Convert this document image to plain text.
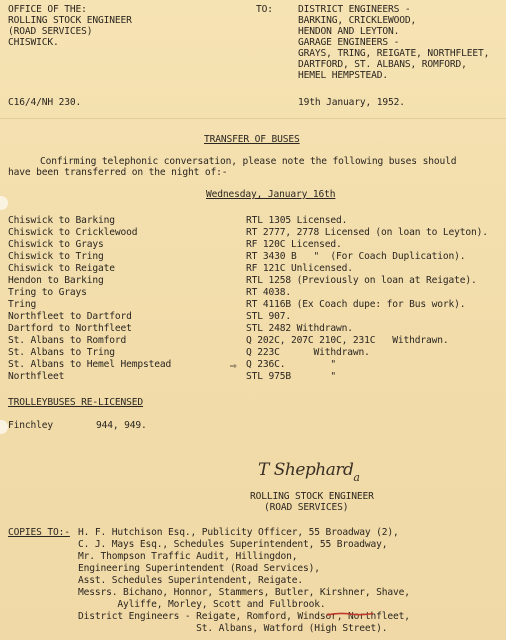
OFFICE OF THE:
ROLLING STOCK ENGINEER
(ROAD SERVICES)
CHISWICK.
TO:	DISTRICT ENGINEERS -
BARKING, CRICKLEWOOD,
HENDON AND LEYTON.
GARAGE ENGINEERS -
GRAYS, TRING, REIGATE, NORTHFLEET,
DARTFORD, ST. ALBANS, ROMFORD,
HEMEL HEMPSTEAD.
C16/4/NH 230.	19th January, 1952.
TRANSFER OF BUSES
Confirming telephonic conversation, please note the following buses should
have been transferred on the night of:-
Wednesday, January 16th
Chiswick to Barking	RTL 1305 Licensed.
Chiswick to Cricklewood	RT 2777, 2778 Licensed (on loan to Leyton).
Chiswick to Grays	RF 120C Licensed.
Chiswick to Tring	RT 3430 B   "  (For Coach Duplication).
Chiswick to Reigate	RF 121C Unlicensed.
Hendon to Barking	RTL 1258 (Previously on loan at Reigate).
Tring to Grays	RT 4038.
Tring	RT 4116B (Ex Coach dupe: for Bus work).
Northfleet to Dartford	STL 907.
Dartford to Northfleet	STL 2482 Withdrawn.
St. Albans to Romford	Q 202C, 207C 210C, 231C   Withdrawn.
St. Albans to Tring	Q 223C      Withdrawn.
St. Albans to Hemel Hempstead	Q 236C.        "
Northfleet	STL 975B       "
⇨
TROLLEYBUSES RE-LICENSED
Finchley	944, 949.
T Shephard$_a$
ROLLING STOCK ENGINEER
(ROAD SERVICES)
COPIES TO:- H. F. Hutchison Esq., Publicity Officer, 55 Broadway (2),
C. J. Mays Esq., Schedules Superintendent, 55 Broadway,
Mr. Thompson Traffic Audit, Hillingdon,
Engineering Superintendent (Road Services),
Asst. Schedules Superintendent, Reigate.
Messrs. Bichano, Honnor, Stammers, Butler, Kirshner, Shave,
Ayliffe, Morley, Scott and Fullbrook.
District Engineers - Reigate, Romford, Windsor, Northfleet,
St. Albans, Watford (High Street).
